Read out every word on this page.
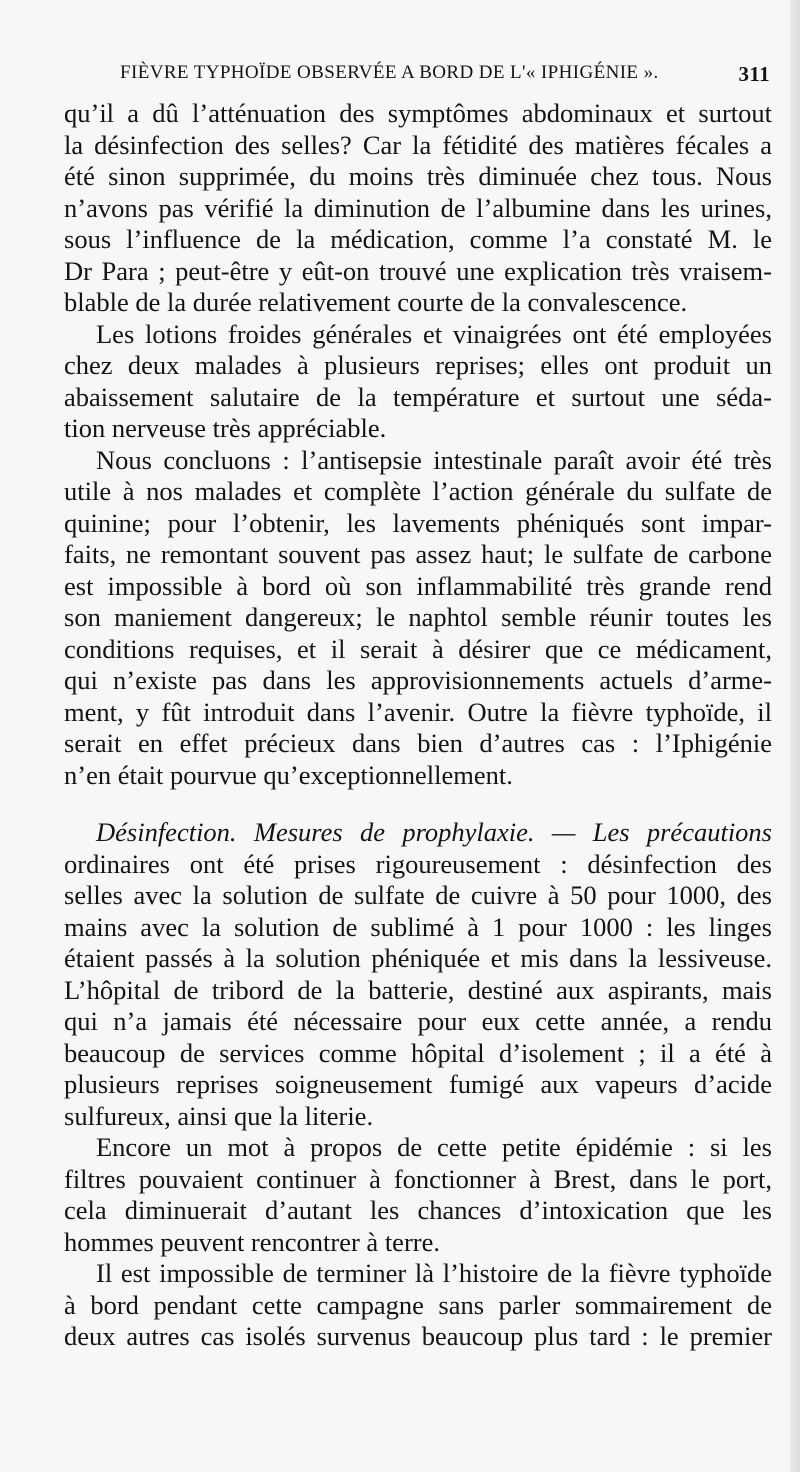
FIÈVRE TYPHOÏDE OBSERVÉE A BORD DE L'« IPHIGÉNIE ».	311
qu’il a dû l’atténuation des symptômes abdominaux et surtout
la désinfection des selles? Car la fétidité des matières fécales a
été sinon supprimée, du moins très diminuée chez tous. Nous
n’avons pas vérifié la diminution de l’albumine dans les urines,
sous l’influence de la médication, comme l’a constaté M. le
Dr Para ; peut-être y eût-on trouvé une explication très vraisem-
blable de la durée relativement courte de la convalescence.
Les lotions froides générales et vinaigrées ont été employées
chez deux malades à plusieurs reprises; elles ont produit un
abaissement salutaire de la température et surtout une séda-
tion nerveuse très appréciable.
Nous concluons : l’antisepsie intestinale paraît avoir été très
utile à nos malades et complète l’action générale du sulfate de
quinine; pour l’obtenir, les lavements phéniqués sont impar-
faits, ne remontant souvent pas assez haut; le sulfate de carbone
est impossible à bord où son inflammabilité très grande rend
son maniement dangereux; le naphtol semble réunir toutes les
conditions requises, et il serait à désirer que ce médicament,
qui n’existe pas dans les approvisionnements actuels d’arme-
ment, y fût introduit dans l’avenir. Outre la fièvre typhoïde, il
serait en effet précieux dans bien d’autres cas : l’Iphigénie
n’en était pourvue qu’exceptionnellement.
Désinfection. Mesures de prophylaxie. — Les précautions
ordinaires ont été prises rigoureusement : désinfection des
selles avec la solution de sulfate de cuivre à 50 pour 1000, des
mains avec la solution de sublimé à 1 pour 1000 : les linges
étaient passés à la solution phéniquée et mis dans la lessiveuse.
L’hôpital de tribord de la batterie, destiné aux aspirants, mais
qui n’a jamais été nécessaire pour eux cette année, a rendu
beaucoup de services comme hôpital d’isolement ; il a été à
plusieurs reprises soigneusement fumigé aux vapeurs d’acide
sulfureux, ainsi que la literie.
Encore un mot à propos de cette petite épidémie : si les
filtres pouvaient continuer à fonctionner à Brest, dans le port,
cela diminuerait d’autant les chances d’intoxication que les
hommes peuvent rencontrer à terre.
Il est impossible de terminer là l’histoire de la fièvre typhoïde
à bord pendant cette campagne sans parler sommairement de
deux autres cas isolés survenus beaucoup plus tard : le premier
